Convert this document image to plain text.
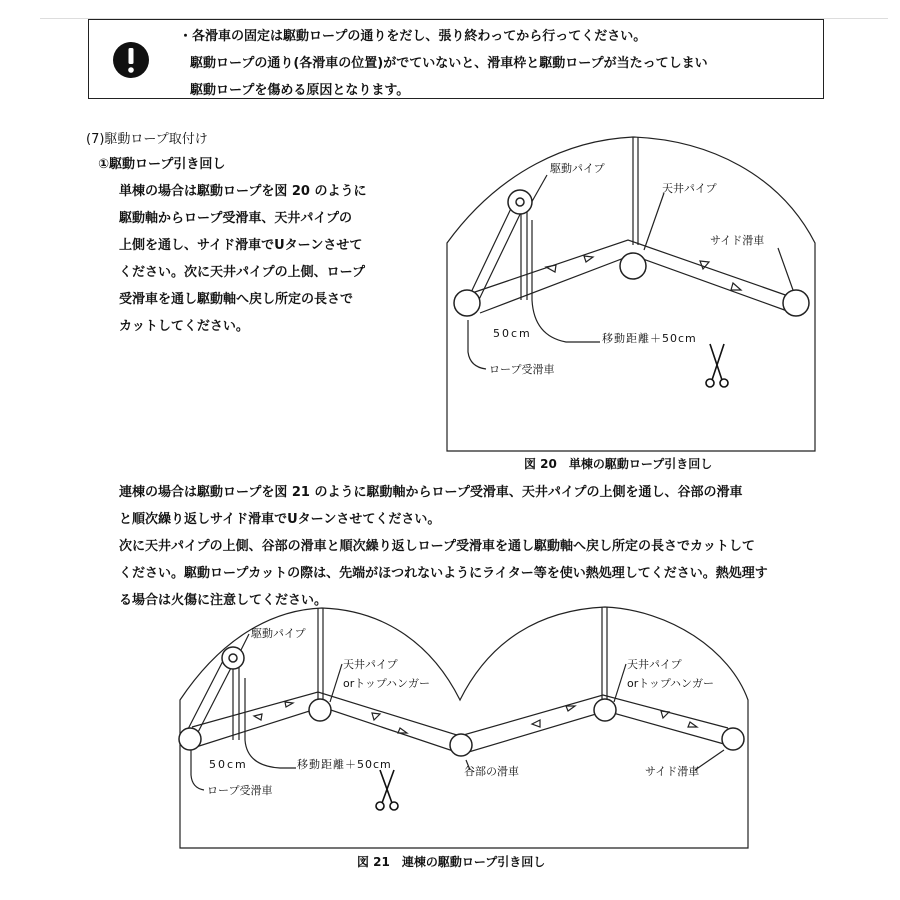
・各滑車の固定は駆動ロープの通りをだし、張り終わってから行ってください。

駆動ロープの通り(各滑車の位置)がでていないと、滑車枠と駆動ロープが当たってしまい

駆動ロープを傷める原因となります。

(7)駆動ロープ取付け

①駆動ロープ引き回し

単棟の場合は駆動ロープを図 20 のように

駆動軸からロープ受滑車、天井パイプの

上側を通し、サイド滑車でUターンさせて

ください。次に天井パイプの上側、ロープ

受滑車を通し駆動軸へ戻し所定の長さで

カットしてください。

駆動パイプ
天井パイプ
サイド滑車
50cm	移動距離＋50cm
ロープ受滑車
図 20　単棟の駆動ロープ引き回し

連棟の場合は駆動ロープを図 21 のように駆動軸からロープ受滑車、天井パイプの上側を通し、谷部の滑車

と順次繰り返しサイド滑車でUターンさせてください。

次に天井パイプの上側、谷部の滑車と順次繰り返しロープ受滑車を通し駆動軸へ戻し所定の長さでカットして

ください。駆動ロープカットの際は、先端がほつれないようにライター等を使い熱処理してください。熱処理す

る場合は火傷に注意してください。

駆動パイプ
天井パイプ
orトップハンガー
天井パイプ
orトップハンガー
50cm	移動距離＋50cm
谷部の滑車	サイド滑車
ロープ受滑車
図 21　連棟の駆動ロープ引き回し
